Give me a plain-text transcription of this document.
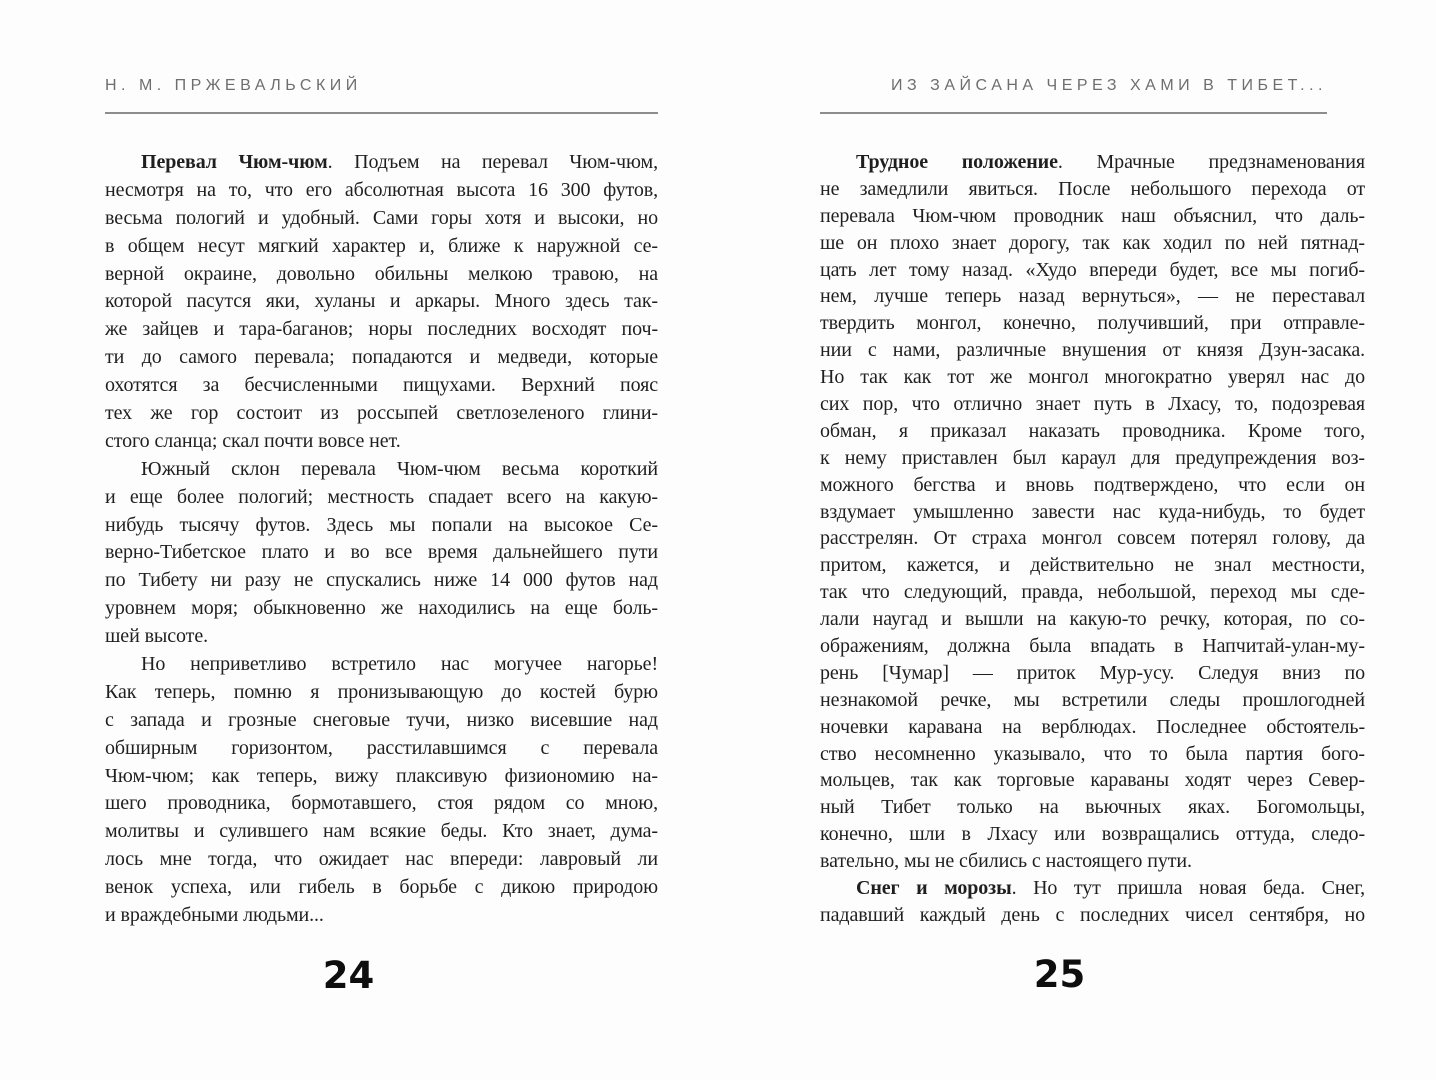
Н. М. ПРЖЕВАЛЬСКИЙ
Перевал Чюм-чюм. Подъем на перевал Чюм-чюм,
несмотря на то, что его абсолютная высота 16 300 футов,
весьма пологий и удобный. Сами горы хотя и высоки, но
в общем несут мягкий характер и, ближе к наружной се-
верной окраине, довольно обильны мелкою травою, на
которой пасутся яки, хуланы и аркары. Много здесь так-
же зайцев и тара-баганов; норы последних восходят поч-
ти до самого перевала; попадаются и медведи, которые
охотятся за бесчисленными пищухами. Верхний пояс
тех же гор состоит из россыпей светлозеленого глини-
стого сланца; скал почти вовсе нет.
Южный склон перевала Чюм-чюм весьма короткий
и еще более пологий; местность спадает всего на какую-
нибудь тысячу футов. Здесь мы попали на высокое Се-
верно-Тибетское плато и во все время дальнейшего пути
по Тибету ни разу не спускались ниже 14 000 футов над
уровнем моря; обыкновенно же находились на еще боль-
шей высоте.
Но неприветливо встретило нас могучее нагорье!
Как теперь, помню я пронизывающую до костей бурю
с запада и грозные снеговые тучи, низко висевшие над
обширным горизонтом, расстилавшимся с перевала
Чюм-чюм; как теперь, вижу плаксивую физиономию на-
шего проводника, бормотавшего, стоя рядом со мною,
молитвы и сулившего нам всякие беды. Кто знает, дума-
лось мне тогда, что ожидает нас впереди: лавровый ли
венок успеха, или гибель в борьбе с дикою природою
и враждебными людьми...
24
ИЗ ЗАЙСАНА ЧЕРЕЗ ХАМИ В ТИБЕТ...
Трудное положение. Мрачные предзнаменования
не замедлили явиться. После небольшого перехода от
перевала Чюм-чюм проводник наш объяснил, что даль-
ше он плохо знает дорогу, так как ходил по ней пятнад-
цать лет тому назад. «Худо впереди будет, все мы погиб-
нем, лучше теперь назад вернуться», — не переставал
твердить монгол, конечно, получивший, при отправле-
нии с нами, различные внушения от князя Дзун-засака.
Но так как тот же монгол многократно уверял нас до
сих пор, что отлично знает путь в Лхасу, то, подозревая
обман, я приказал наказать проводника. Кроме того,
к нему приставлен был караул для предупреждения воз-
можного бегства и вновь подтверждено, что если он
вздумает умышленно завести нас куда-нибудь, то будет
расстрелян. От страха монгол совсем потерял голову, да
притом, кажется, и действительно не знал местности,
так что следующий, правда, небольшой, переход мы сде-
лали наугад и вышли на какую-то речку, которая, по со-
ображениям, должна была впадать в Напчитай-улан-му-
рень [Чумар] — приток Мур-усу. Следуя вниз по
незнакомой речке, мы встретили следы прошлогодней
ночевки каравана на верблюдах. Последнее обстоятель-
ство несомненно указывало, что то была партия бого-
мольцев, так как торговые караваны ходят через Север-
ный Тибет только на вьючных яках. Богомольцы,
конечно, шли в Лхасу или возвращались оттуда, следо-
вательно, мы не сбились с настоящего пути.
Снег и морозы. Но тут пришла новая беда. Снег,
падавший каждый день с последних чисел сентября, но
25
